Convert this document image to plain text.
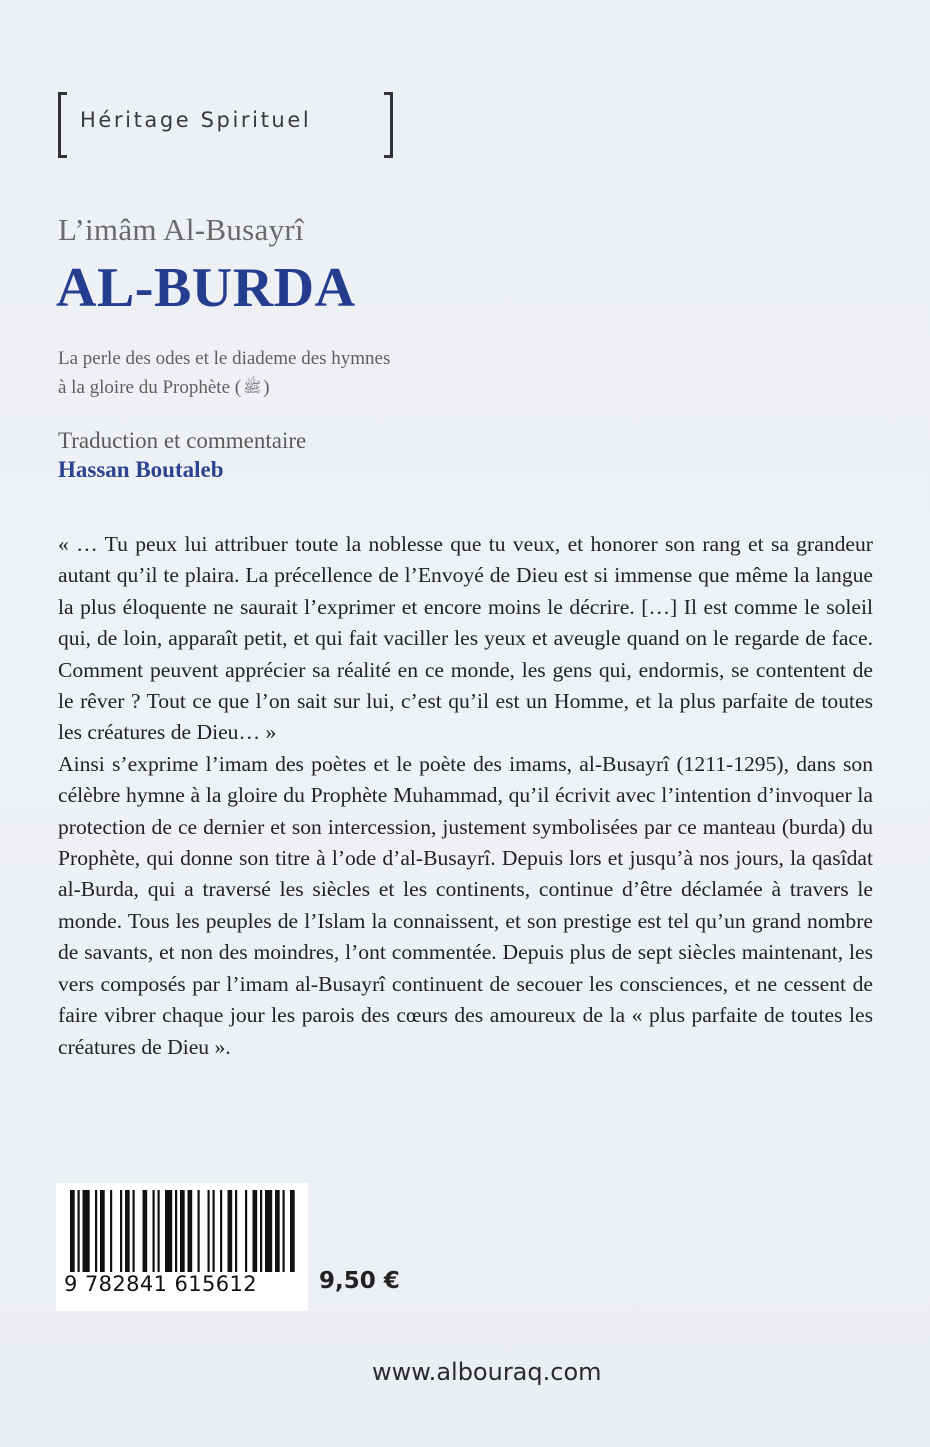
Héritage Spirituel
L’imâm Al-Busayrî
AL-BURDA
La perle des odes et le diademe des hymnes
à la gloire du Prophète ( ﷺ )
Traduction et commentaire
Hassan Boutaleb

« … Tu peux lui attribuer toute la noblesse que tu veux, et honorer son rang et sa grandeur autant qu’il te plaira. La précellence de l’Envoyé de Dieu est si immense que même la langue la plus éloquente ne saurait l’exprimer et encore moins le décrire. […] Il est comme le soleil qui, de loin, apparaît petit, et qui fait vaciller les yeux et aveugle quand on le regarde de face. Comment peuvent apprécier sa réalité en ce monde, les gens qui, endormis, se contentent de le rêver ? Tout ce que l’on sait sur lui, c’est qu’il est un Homme, et la plus parfaite de toutes les créatures de Dieu… »

Ainsi s’exprime l’imam des poètes et le poète des imams, al-Busayrî (1211-1295), dans son célèbre hymne à la gloire du Prophète Muhammad, qu’il écrivit avec l’intention d’invoquer la protection de ce dernier et son intercession, justement symbolisées par ce manteau (burda) du Prophète, qui donne son titre à l’ode d’al-Busayrî. Depuis lors et jusqu’à nos jours, la qasîdat al-Burda, qui a traversé les siècles et les continents, continue d’être déclamée à travers le monde. Tous les peuples de l’Islam la connaissent, et son prestige est tel qu’un grand nombre de savants, et non des moindres, l’ont commentée. Depuis plus de sept siècles maintenant, les vers composés par l’imam al-Busayrî continuent de secouer les consciences, et ne cessent de faire vibrer chaque jour les parois des cœurs des amoureux de la « plus parfaite de toutes les créatures de Dieu ».

9 782841 615612	9,50 €
www.albouraq.com
